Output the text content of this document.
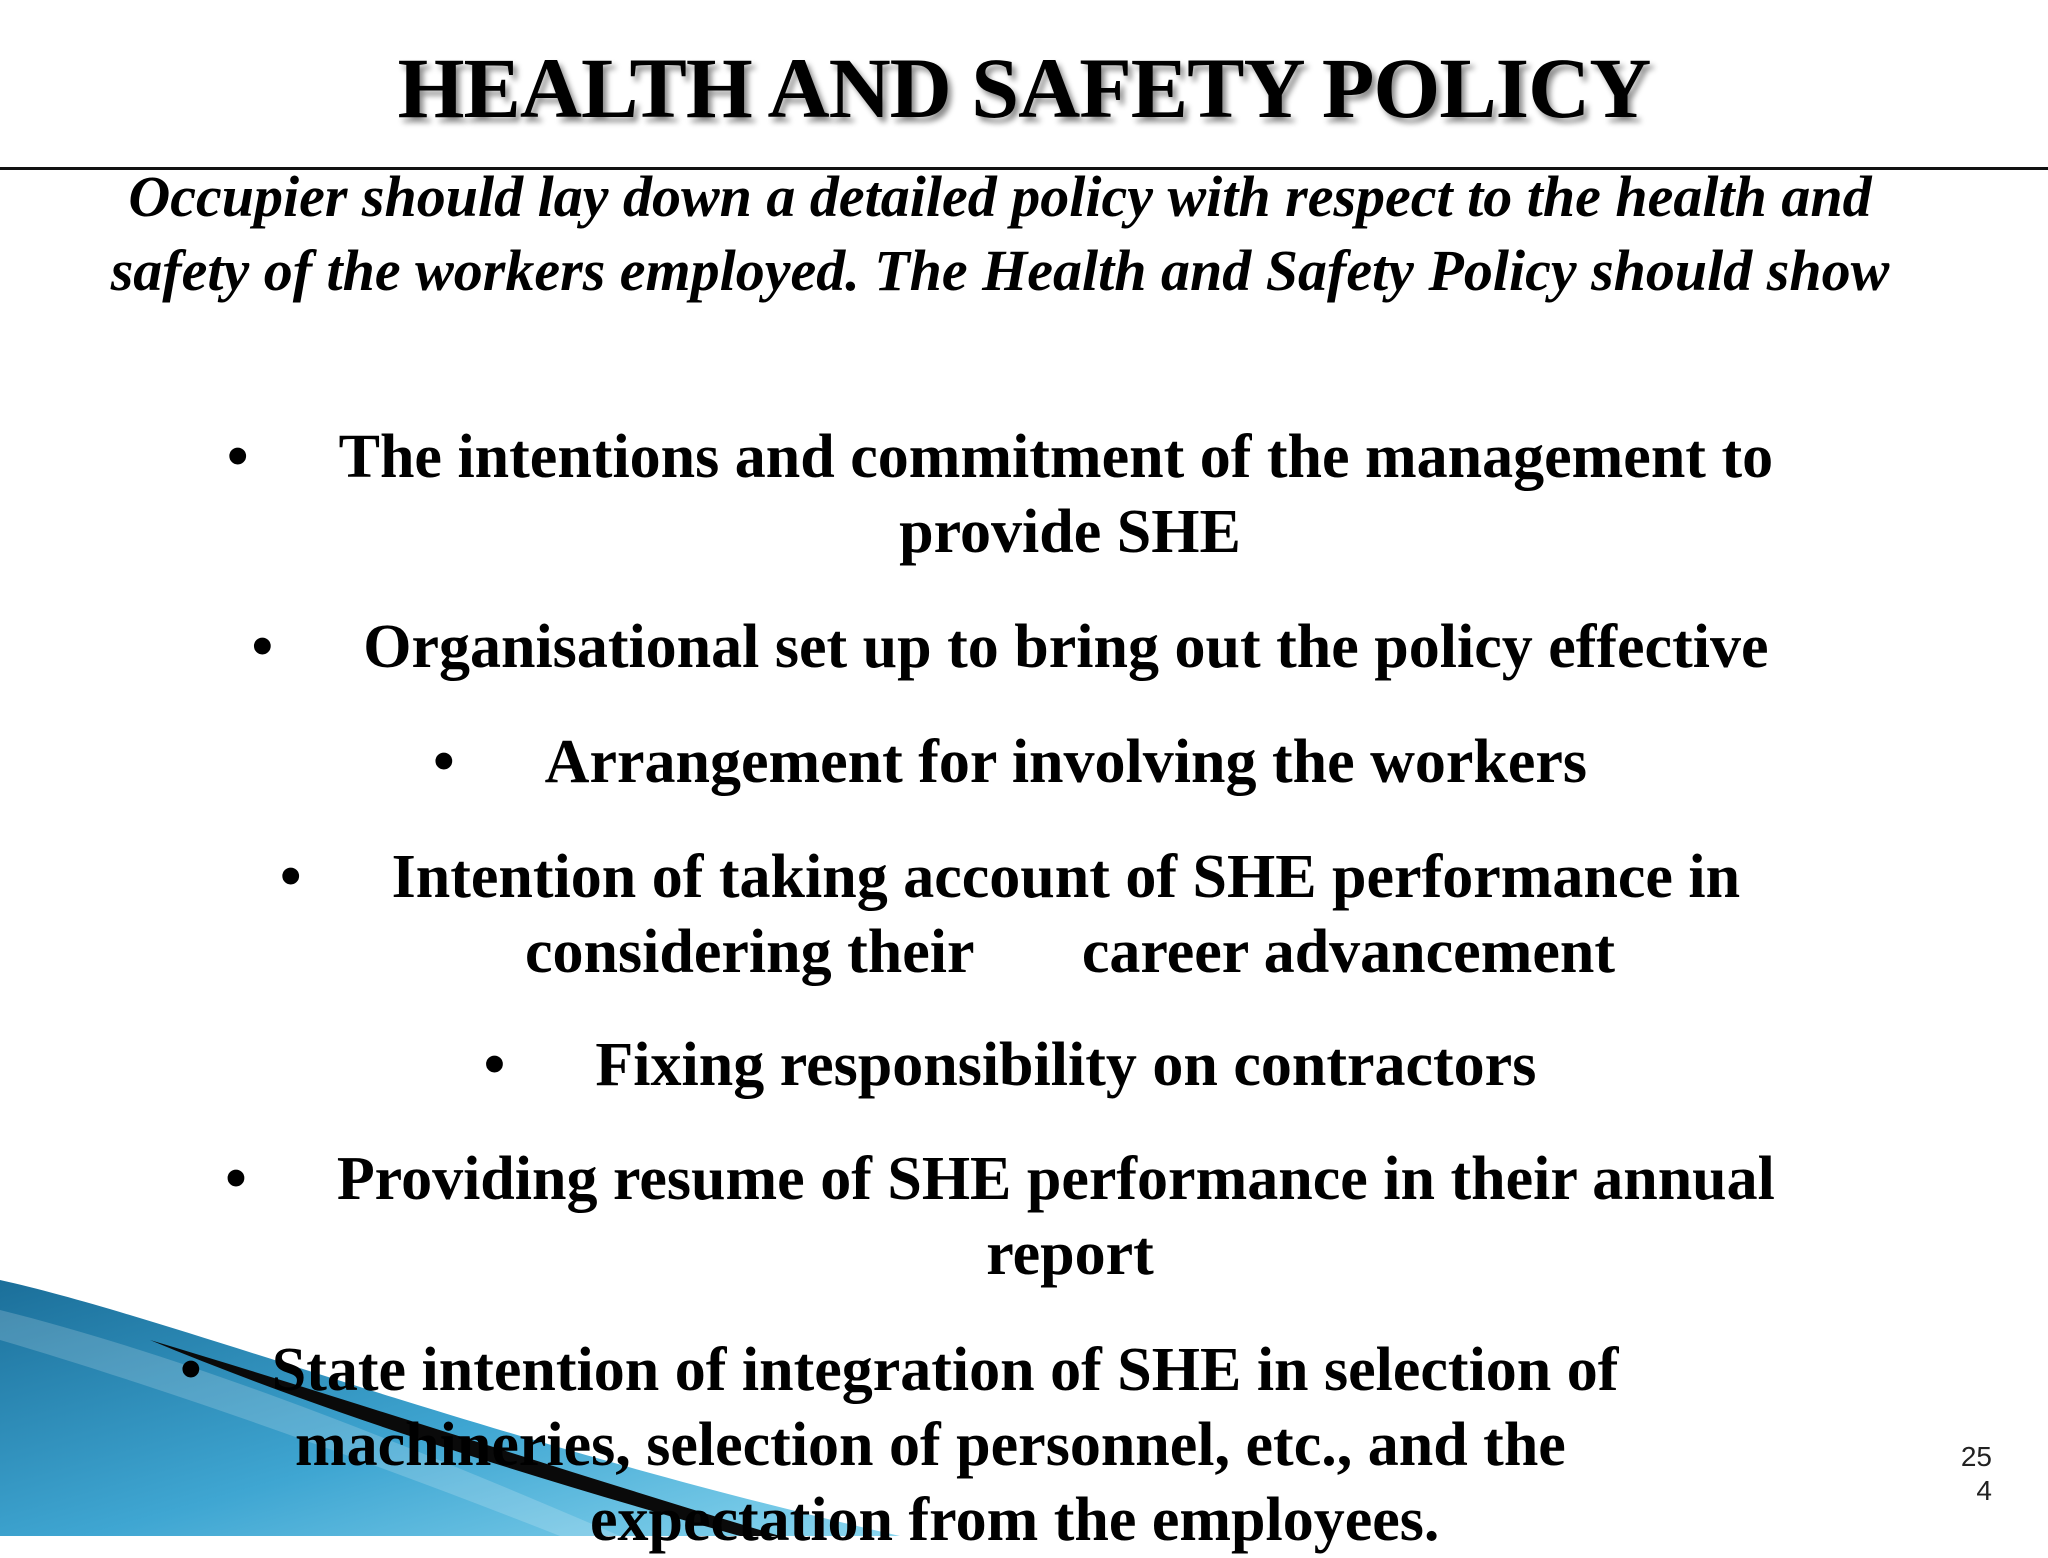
HEALTH AND SAFETY POLICY
Occupier should lay down a detailed policy with respect to the health and safety of the workers employed. The Health and Safety Policy should show
• The intentions and commitment of the management to
provide SHE
• Organisational set up to bring out the policy effective
• Arrangement for involving the workers
• Intention of taking account of SHE performance in
considering their       career advancement
• Fixing responsibility on contractors
• Providing resume of SHE performance in their annual
report
• State intention of integration of SHE in selection of
machineries, selection of personnel, etc., and the
expectation from the employees.
25
4
